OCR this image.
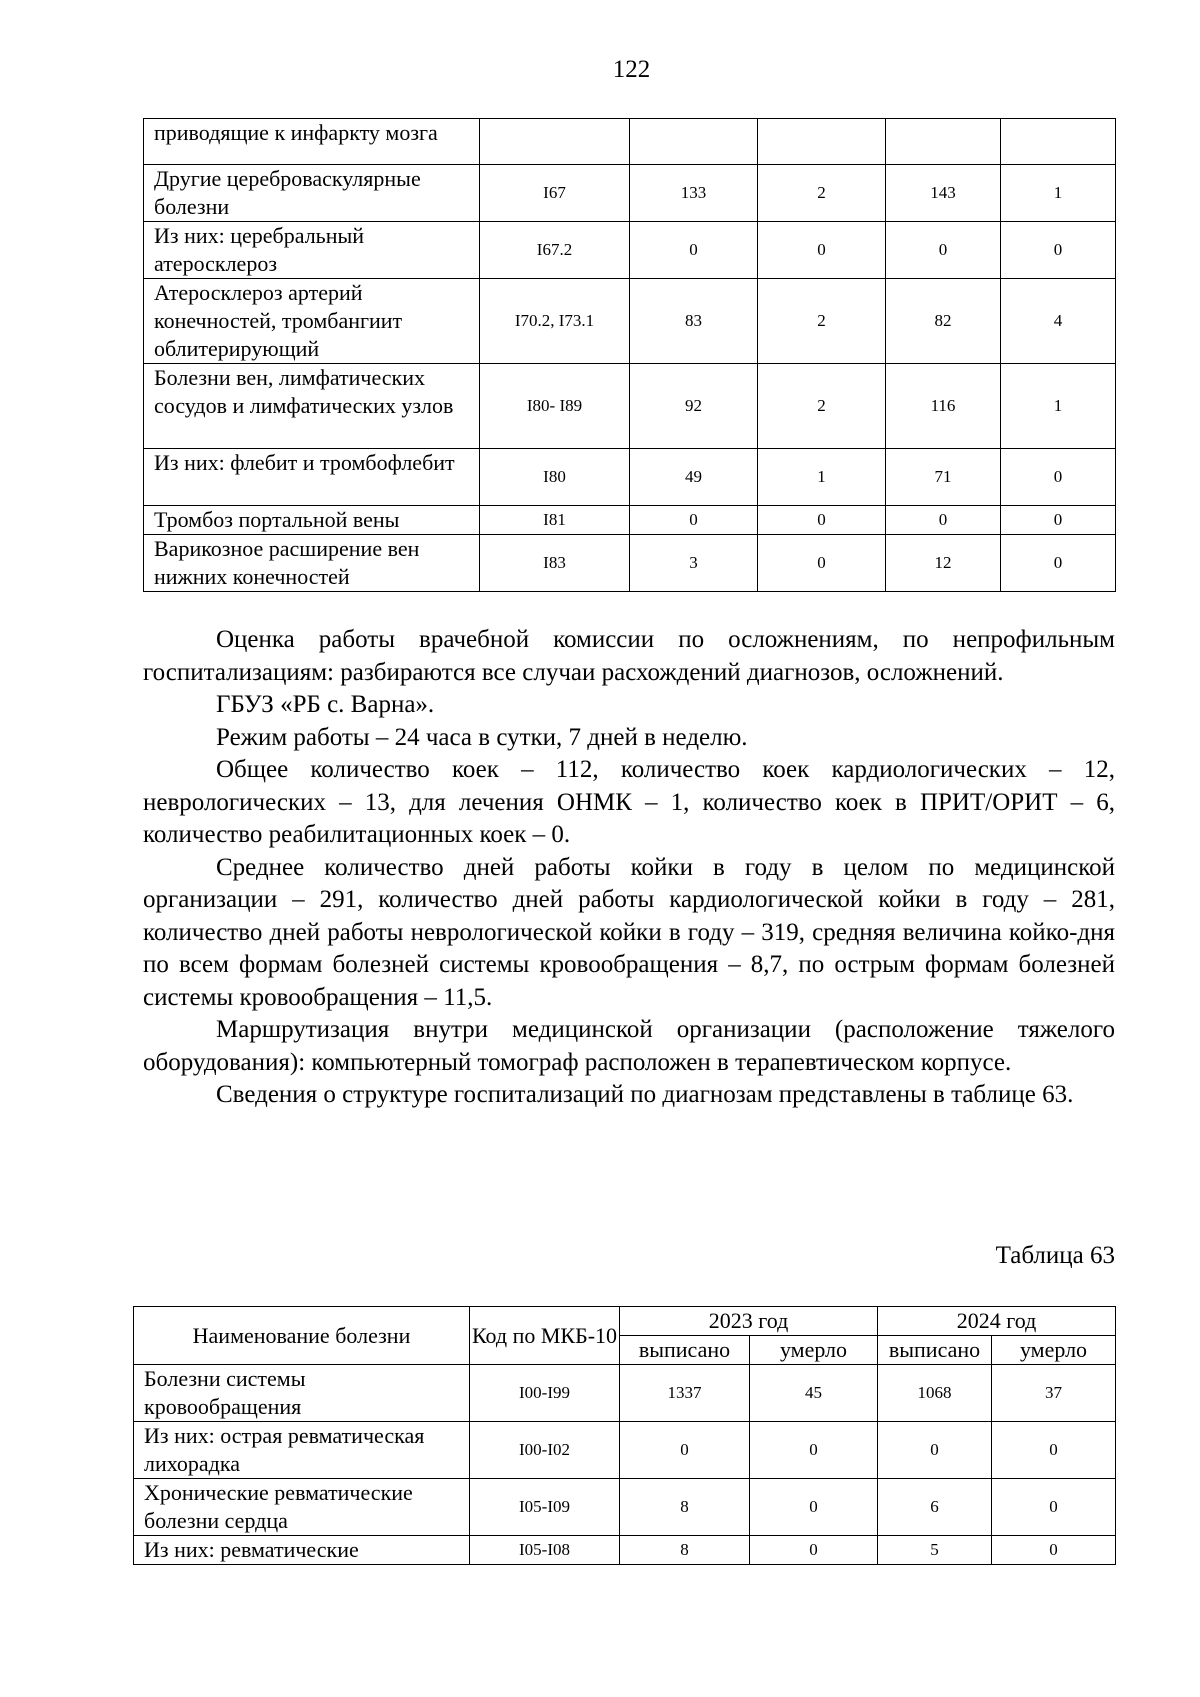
122
приводящие к инфаркту мозга					
Другие цереброваскулярные болезни	I67	133	2	143	1
Из них: церебральный атеросклероз	I67.2	0	0	0	0
Атеросклероз артерий конечностей, тромбангиит облитерирующий	I70.2, I73.1	83	2	82	4
Болезни вен, лимфатических сосудов и лимфатических узлов	I80- I89	92	2	116	1
Из них: флебит и тромбофлебит	I80	49	1	71	0
Тромбоз портальной вены	I81	0	0	0	0
Варикозное расширение вен нижних конечностей	I83	3	0	12	0

Оценка работы врачебной комиссии по осложнениям, по непрофильным госпитализациям: разбираются все случаи расхождений диагнозов, осложнений.

ГБУЗ «РБ с. Варна».

Режим работы – 24 часа в сутки, 7 дней в неделю.

Общее количество коек – 112, количество коек кардиологических – 12, неврологических – 13, для лечения ОНМК – 1, количество коек в ПРИТ/ОРИТ – 6, количество реабилитационных коек – 0.

Среднее количество дней работы койки в году в целом по медицинской организации – 291, количество дней работы кардиологической койки в году – 281, количество дней работы неврологической койки в году – 319, средняя величина койко-дня по всем формам болезней системы кровообращения – 8,7, по острым формам болезней системы кровообращения – 11,5.

Маршрутизация внутри медицинской организации (расположение тяжелого оборудования): компьютерный томограф расположен в терапевтическом корпусе.

Сведения о структуре госпитализаций по диагнозам представлены в таблице 63.

Таблица 63
Наименование болезни	Код по МКБ-10	2023 год		2024 год	
		выписано	умерло	выписано	умерло
Болезни системы кровообращения	I00-I99	1337	45	1068	37
Из них: острая ревматическая лихорадка	I00-I02	0	0	0	0
Хронические ревматические болезни сердца	I05-I09	8	0	6	0
Из них: ревматические	I05-I08	8	0	5	0
